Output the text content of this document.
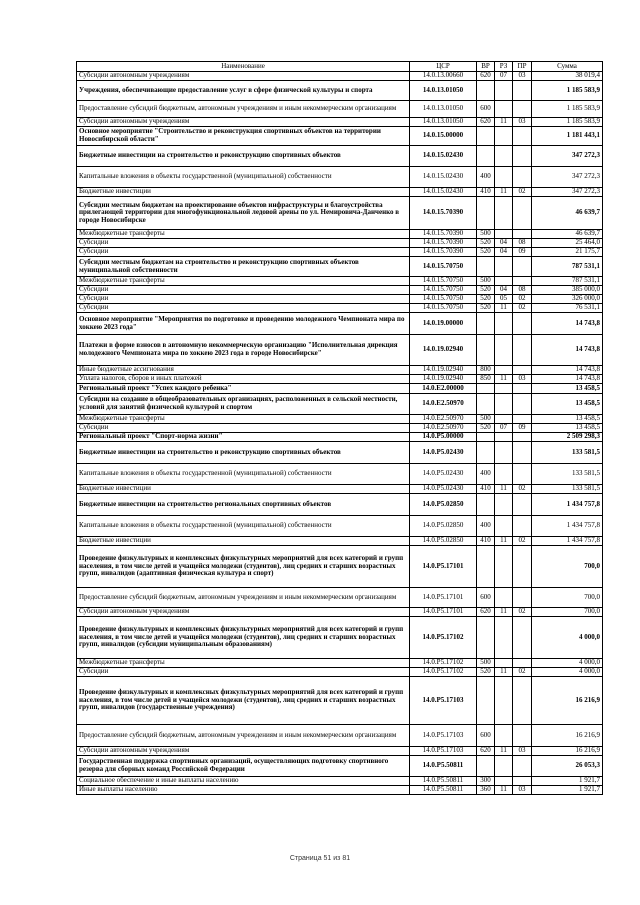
Наименование	ЦСР	ВР	РЗ	ПР	Сумма
Субсидии автономным учреждениям	14.0.13.00660	620	07	03	38 019,4
Учреждения, обеспечивающие предоставление услуг в сфере физической культуры и спорта	14.0.13.01050				1 185 583,9
Предоставление субсидий бюджетным, автономным учреждениям и иным некоммерческим организациям	14.0.13.01050	600			1 185 583,9
Субсидии автономным учреждениям	14.0.13.01050	620	11	03	1 185 583,9
Основное мероприятие "Строительство и реконструкция спортивных объектов на территории Новосибирской области"	14.0.15.00000				1 181 443,1
Бюджетные инвестиции на строительство и реконструкцию спортивных объектов	14.0.15.02430				347 272,3
Капитальные вложения в объекты государственной (муниципальной) собственности	14.0.15.02430	400			347 272,3
Бюджетные инвестиции	14.0.15.02430	410	11	02	347 272,3
Субсидии местным бюджетам на проектирование объектов инфраструктуры и благоустройства прилегающей территории для многофункциональной ледовой арены по ул. Немировича-Данченко в городе Новосибирске	14.0.15.70390				46 639,7
Межбюджетные трансферты	14.0.15.70390	500			46 639,7
Субсидии	14.0.15.70390	520	04	08	25 464,0
Субсидии	14.0.15.70390	520	04	09	21 175,7
Субсидии местным бюджетам на строительство и реконструкцию спортивных объектов муниципальной собственности	14.0.15.70750				787 531,1
Межбюджетные трансферты	14.0.15.70750	500			787 531,1
Субсидии	14.0.15.70750	520	04	08	385 000,0
Субсидии	14.0.15.70750	520	05	02	326 000,0
Субсидии	14.0.15.70750	520	11	02	76 531,1
Основное мероприятие "Мероприятия по подготовке и проведению молодежного Чемпионата мира по хоккею 2023 года"	14.0.19.00000				14 743,8
Платежи в форме взносов в автономную некоммерческую организацию "Исполнительная дирекция молодежного Чемпионата мира по хоккею 2023 года в городе Новосибирске"	14.0.19.02940				14 743,8
Иные бюджетные ассигнования	14.0.19.02940	800			14 743,8
Уплата налогов, сборов и иных платежей	14.0.19.02940	850	11	03	14 743,8
Региональный проект "Успех каждого ребенка"	14.0.E2.00000				13 458,5
Субсидии на создание в общеобразовательных организациях, расположенных в сельской местности, условий для занятий физической культурой и спортом	14.0.E2.50970				13 458,5
Межбюджетные трансферты	14.0.E2.50970	500			13 458,5
Субсидии	14.0.E2.50970	520	07	09	13 458,5
Региональный проект "Спорт-норма жизни"	14.0.P5.00000				2 509 298,3
Бюджетные инвестиции на строительство и реконструкцию спортивных объектов	14.0.P5.02430				133 581,5
Капитальные вложения в объекты государственной (муниципальной) собственности	14.0.P5.02430	400			133 581,5
Бюджетные инвестиции	14.0.P5.02430	410	11	02	133 581,5
Бюджетные инвестиции на строительство региональных спортивных объектов	14.0.P5.02850				1 434 757,8
Капитальные вложения в объекты государственной (муниципальной) собственности	14.0.P5.02850	400			1 434 757,8
Бюджетные инвестиции	14.0.P5.02850	410	11	02	1 434 757,8
Проведение физкультурных и комплексных физкультурных мероприятий для всех категорий и групп населения, в том числе детей и учащейся молодежи (студентов), лиц средних и старших возрастных групп, инвалидов (адаптивная физическая культура и спорт)	14.0.P5.17101				700,0
Предоставление субсидий бюджетным, автономным учреждениям и иным некоммерческим организациям	14.0.P5.17101	600			700,0
Субсидии автономным учреждениям	14.0.P5.17101	620	11	02	700,0
Проведение физкультурных и комплексных физкультурных мероприятий для всех категорий и групп населения, в том числе детей и учащейся молодежи (студентов), лиц средних и старших возрастных групп, инвалидов (субсидии муниципальным образованиям)	14.0.P5.17102				4 000,0
Межбюджетные трансферты	14.0.P5.17102	500			4 000,0
Субсидии	14.0.P5.17102	520	11	02	4 000,0
Проведение физкультурных и комплексных физкультурных мероприятий для всех категорий и групп населения, в том числе детей и учащейся молодежи (студентов), лиц средних и старших возрастных групп, инвалидов (государственные учреждения)	14.0.P5.17103				16 216,9
Предоставление субсидий бюджетным, автономным учреждениям и иным некоммерческим организациям	14.0.P5.17103	600			16 216,9
Субсидии автономным учреждениям	14.0.P5.17103	620	11	03	16 216,9
Государственная поддержка спортивных организаций, осуществляющих подготовку спортивного резерва для сборных команд Российской Федерации	14.0.P5.50811				26 053,3
Социальное обеспечение и иные выплаты населению	14.0.P5.50811	300			1 921,7
Иные выплаты населению	14.0.P5.50811	360	11	03	1 921,7
Страница 51 из 81
